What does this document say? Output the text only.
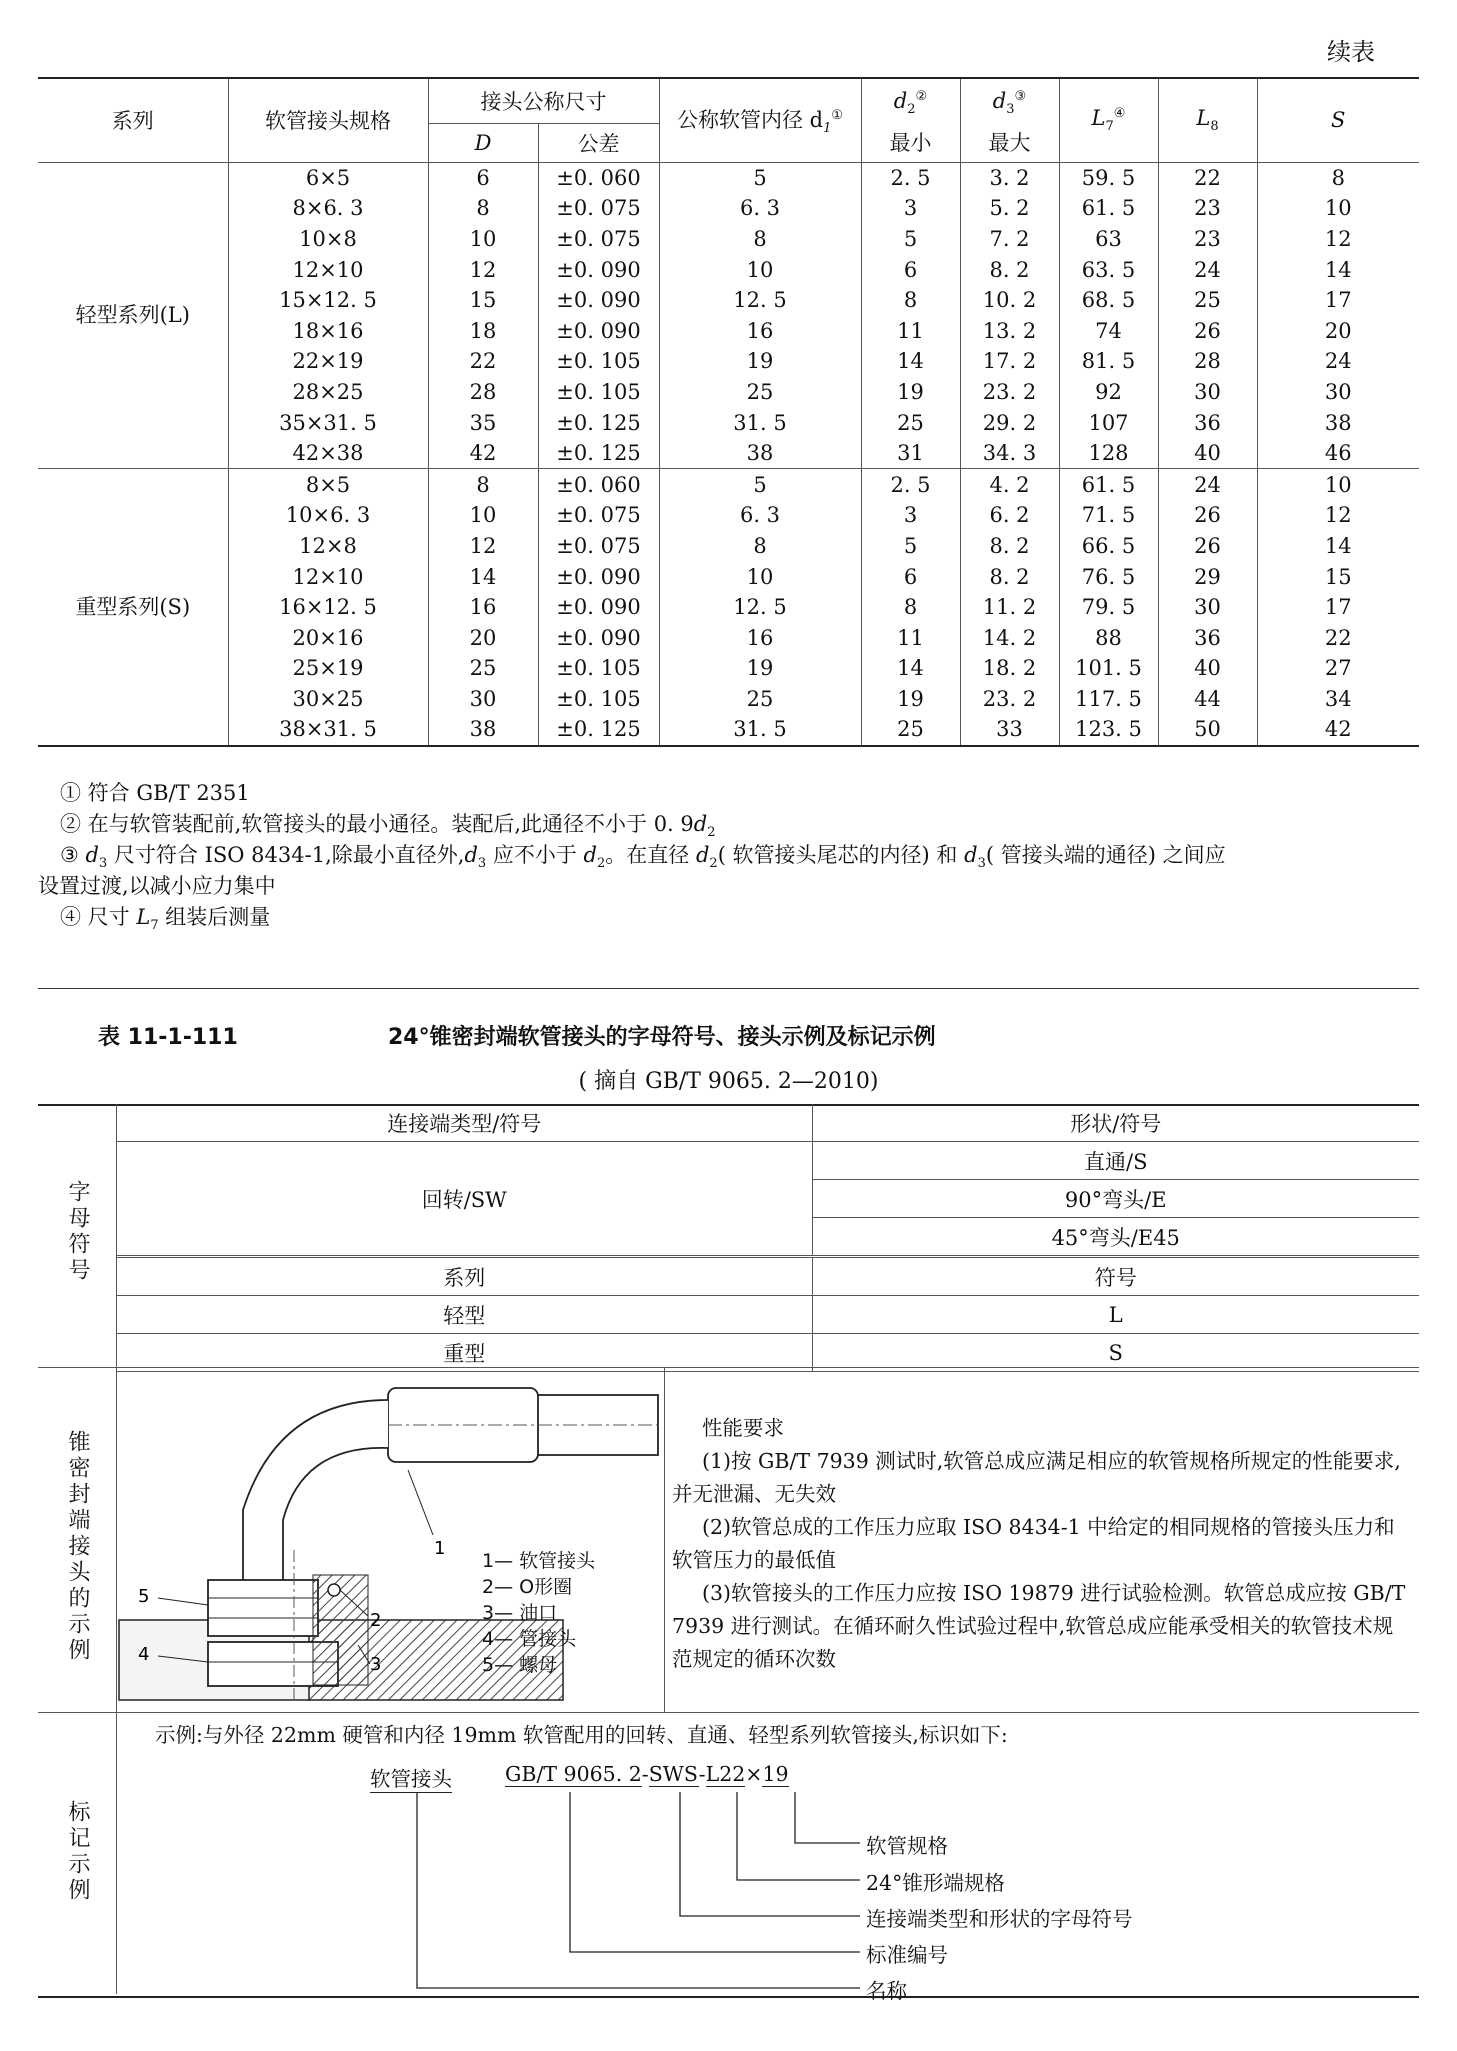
续表
系列	软管接头规格	接头公称尺寸		公称软管内径 $d_1^①$	$d_2^②$	$d_3^③$	$L_7^④$	$L_8$	S
		D	公差		最小	最大			
轻型系列(L)	6×5	6	±0. 060	5	2. 5	3. 2	59. 5	22	8
	8×6. 3	8	±0. 075	6. 3	3	5. 2	61. 5	23	10
	10×8	10	±0. 075	8	5	7. 2	63	23	12
	12×10	12	±0. 090	10	6	8. 2	63. 5	24	14
	15×12. 5	15	±0. 090	12. 5	8	10. 2	68. 5	25	17
	18×16	18	±0. 090	16	11	13. 2	74	26	20
	22×19	22	±0. 105	19	14	17. 2	81. 5	28	24
	28×25	28	±0. 105	25	19	23. 2	92	30	30
	35×31. 5	35	±0. 125	31. 5	25	29. 2	107	36	38
	42×38	42	±0. 125	38	31	34. 3	128	40	46
重型系列(S)	8×5	8	±0. 060	5	2. 5	4. 2	61. 5	24	10
	10×6. 3	10	±0. 075	6. 3	3	6. 2	71. 5	26	12
	12×8	12	±0. 075	8	5	8. 2	66. 5	26	14
	12×10	14	±0. 090	10	6	8. 2	76. 5	29	15
	16×12. 5	16	±0. 090	12. 5	8	11. 2	79. 5	30	17
	20×16	20	±0. 090	16	11	14. 2	88	36	22
	25×19	25	±0. 105	19	14	18. 2	101. 5	40	27
	30×25	30	±0. 105	25	19	23. 2	117. 5	44	34
	38×31. 5	38	±0. 125	31. 5	25	33	123. 5	50	42
① 符合 GB/T 2351
② 在与软管装配前,软管接头的最小通径。装配后,此通径不小于 0. $9d_2$
③ $d_3$ 尺寸符合 ISO 8434-1,除最小直径外$,d_3$ 应不小于 $d_2$。在直径 $d_2$( 软管接头尾芯的内径) 和 $d_3$( 管接头端的通径) 之间应
设置过渡,以减小应力集中
④ 尺寸 $L_7$ 组装后测量
表 11-1-111	24°锥密封端软管接头的字母符号、接头示例及标记示例
( 摘自 GB/T 9065. 2—2010)
字母符号
连接端类型/符号	形状/符号
回转/SW	直通/S
	90°弯头/E
	45°弯头/E45
系列	符号
轻型	L
重型	S
锥密封端接头的示例	1
5
4
2
3
1— 软管接头
2— O形圈
3— 油口
4— 管接头
5— 螺母

性能要求

(1)按 GB/T 7939 测试时,软管总成应满足相应的软管规格所规定的性能要求,并无泄漏、无失效

(2)软管总成的工作压力应取 ISO 8434-1 中给定的相同规格的管接头压力和软管压力的最低值

(3)软管接头的工作压力应按 ISO 19879 进行试验检测。软管总成应按 GB/T 7939 进行测试。在循环耐久性试验过程中,软管总成应能承受相关的软管技术规范规定的循环次数

标记示例
示例:与外径 22mm 硬管和内径 19mm 软管配用的回转、直通、轻型系列软管接头,标识如下:
软管接头	GB/T 9065. 2-SWS-L22×19
软管规格
24°锥形端规格
连接端类型和形状的字母符号
标准编号
名称
